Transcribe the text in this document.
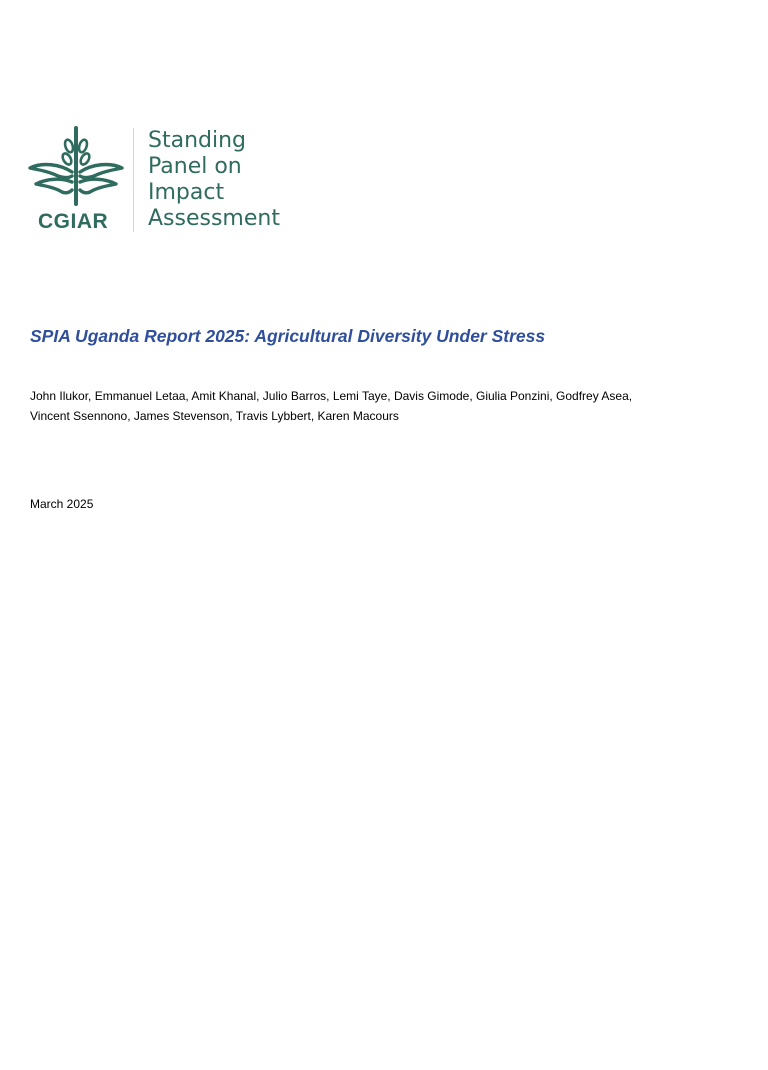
CGIAR
Standing
Panel on
Impact
Assessment
SPIA Uganda Report 2025: Agricultural Diversity Under Stress
John Ilukor, Emmanuel Letaa, Amit Khanal, Julio Barros, Lemi Taye, Davis Gimode, Giulia Ponzini, Godfrey Asea,
Vincent Ssennono, James Stevenson, Travis Lybbert, Karen Macours
March 2025
